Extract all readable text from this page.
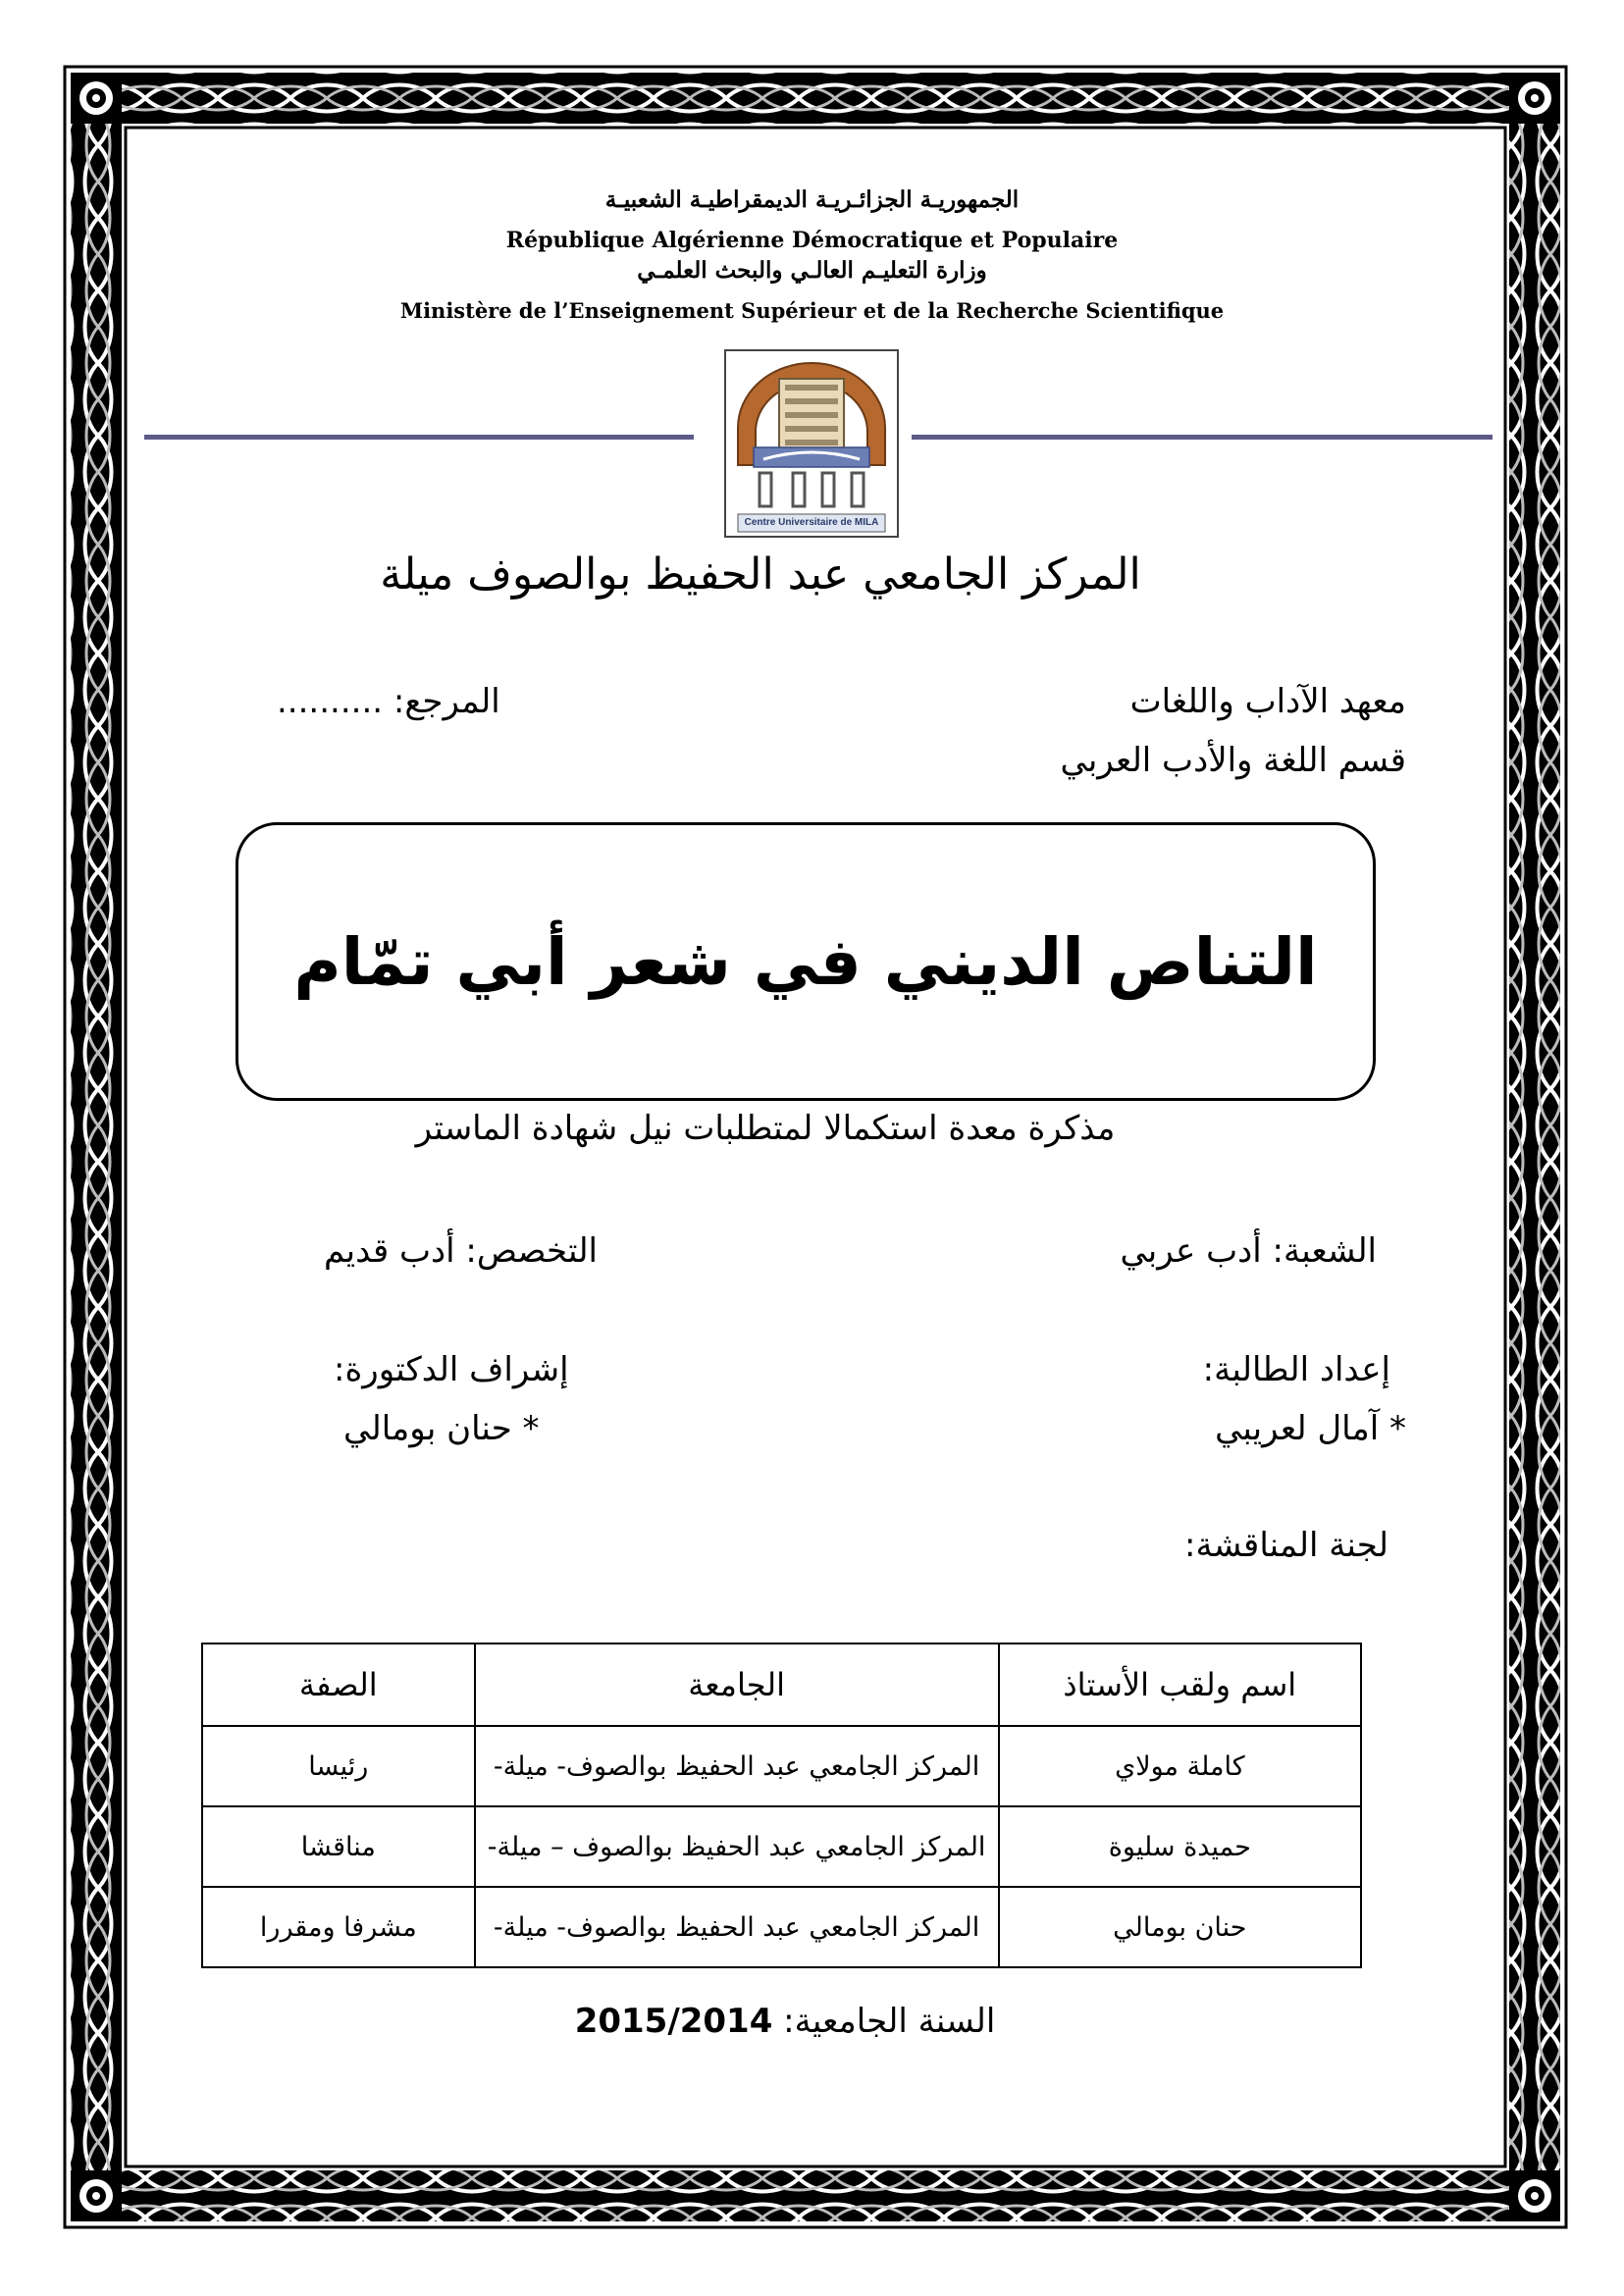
الجمهوريـة الجزائـريـة الديمقراطيـة الشعبيـة
République Algérienne Démocratique et Populaire
وزارة التعليـم العالـي والبحث العلمـي
Ministère de l’Enseignement Supérieur et de la Recherche Scientifique
Centre Universitaire de MILA
المركز الجامعي عبد الحفيظ بوالصوف ميلة
معهد الآداب واللغات
قسم اللغة والأدب العربي
المرجع: ..........
التناص الديني في شعر أبي تمّام
مذكرة معدة استكمالا لمتطلبات نيل شهادة الماستر
الشعبة: أدب عربي
التخصص: أدب قديم
إعداد الطالبة:
* آمال لعريبي
إشراف الدكتورة:
* حنان بومالي
لجنة المناقشة:
اسم ولقب الأستاذ	الجامعة	الصفة
كاملة مولاي	المركز الجامعي عبد الحفيظ بوالصوف- ميلة-	رئيسا
حميدة سليوة	المركز الجامعي عبد الحفيظ بوالصوف – ميلة-	مناقشا
حنان بومالي	المركز الجامعي عبد الحفيظ بوالصوف- ميلة-	مشرفا ومقررا
السنة الجامعية: 2015/2014
